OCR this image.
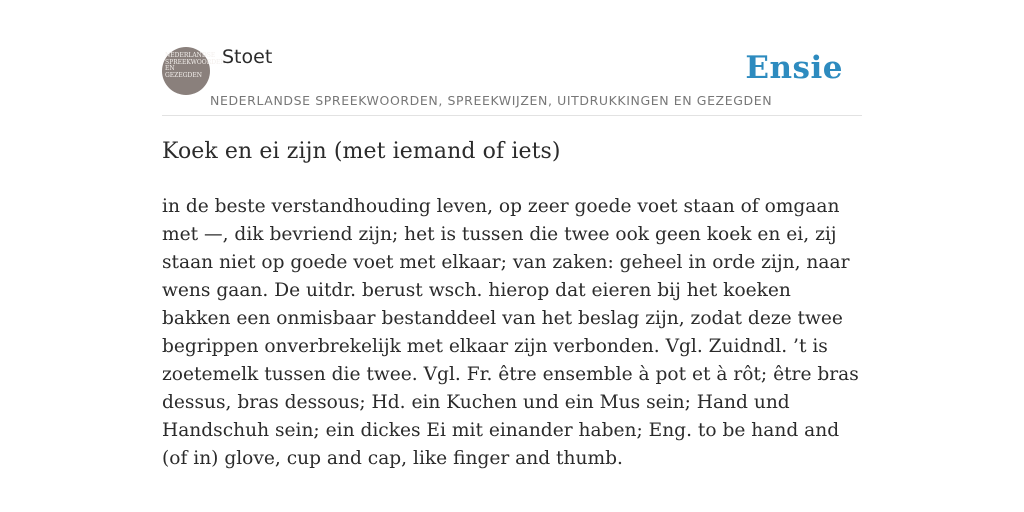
NEDERLANDSE SPREEKWOORDEN EN GEZEGDEN
Stoet	Ensie
NEDERLANDSE SPREEKWOORDEN, SPREEKWIJZEN, UITDRUKKINGEN EN GEZEGDEN
Koek en ei zijn (met iemand of iets)

in de beste verstandhouding leven, op zeer goede voet staan of omgaan met —, dik bevriend zijn; het is tussen die twee ook geen koek en ei, zij staan niet op goede voet met elkaar; van zaken: geheel in orde zijn, naar wens gaan. De uitdr. berust wsch. hierop dat eieren bij het koeken bakken een onmisbaar bestanddeel van het beslag zijn, zodat deze twee begrippen onverbrekelijk met elkaar zijn verbonden. Vgl. Zuidndl. ’t is zoetemelk tussen die twee. Vgl. Fr. être ensemble à pot et à rôt; être bras dessus, bras dessous; Hd. ein Kuchen und ein Mus sein; Hand und Handschuh sein; ein dickes Ei mit einander haben; Eng. to be hand and (of in) glove, cup and cap, like finger and thumb.
